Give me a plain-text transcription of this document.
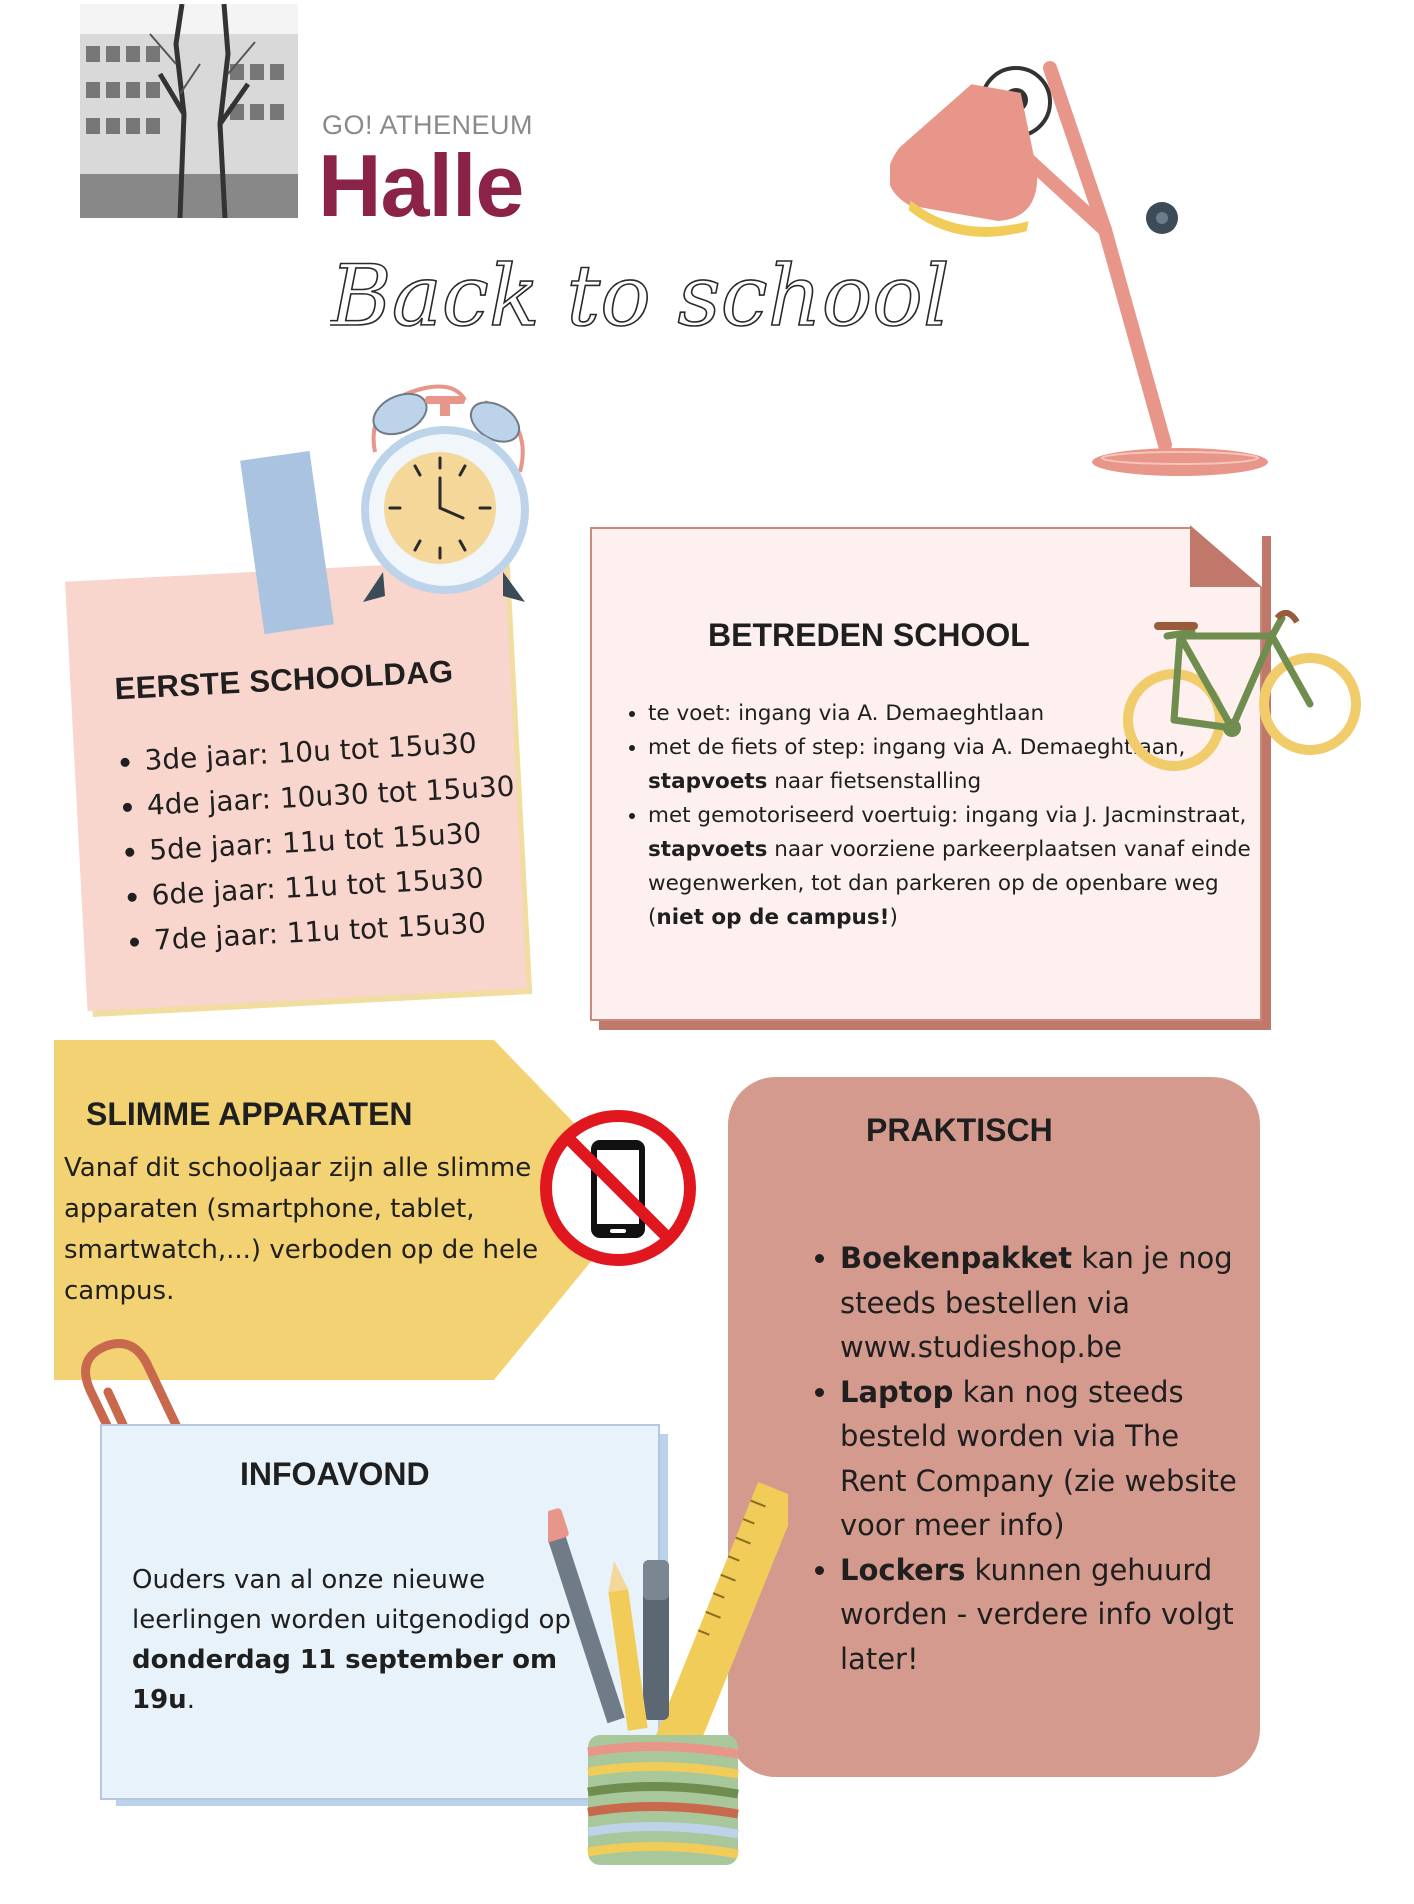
GO! ATHENEUM
Halle
Back to school
EERSTE SCHOOLDAG
• 3de jaar: 10u tot 15u30
• 4de jaar: 10u30 tot 15u30
• 5de jaar: 11u tot 15u30
• 6de jaar: 11u tot 15u30
• 7de jaar: 11u tot 15u30
BETREDEN SCHOOL
• te voet: ingang via A. Demaeghtlaan
• met de fiets of step: ingang via A. Demaeghtlaan, stapvoets naar fietsenstalling
• met gemotoriseerd voertuig: ingang via J. Jacminstraat, stapvoets naar voorziene parkeerplaatsen vanaf einde wegenwerken, tot dan parkeren op de openbare weg (niet op de campus!)
SLIMME APPARATEN
Vanaf dit schooljaar zijn alle slimme apparaten (smartphone, tablet, smartwatch,...) verboden op de hele campus.
INFOAVOND
Ouders van al onze nieuwe leerlingen worden uitgenodigd op donderdag 11 september om 19u.
PRAKTISCH
• Boekenpakket kan je nog steeds bestellen via www.studieshop.be
• Laptop kan nog steeds besteld worden via The Rent Company (zie website voor meer info)
• Lockers kunnen gehuurd worden - verdere info volgt later!
